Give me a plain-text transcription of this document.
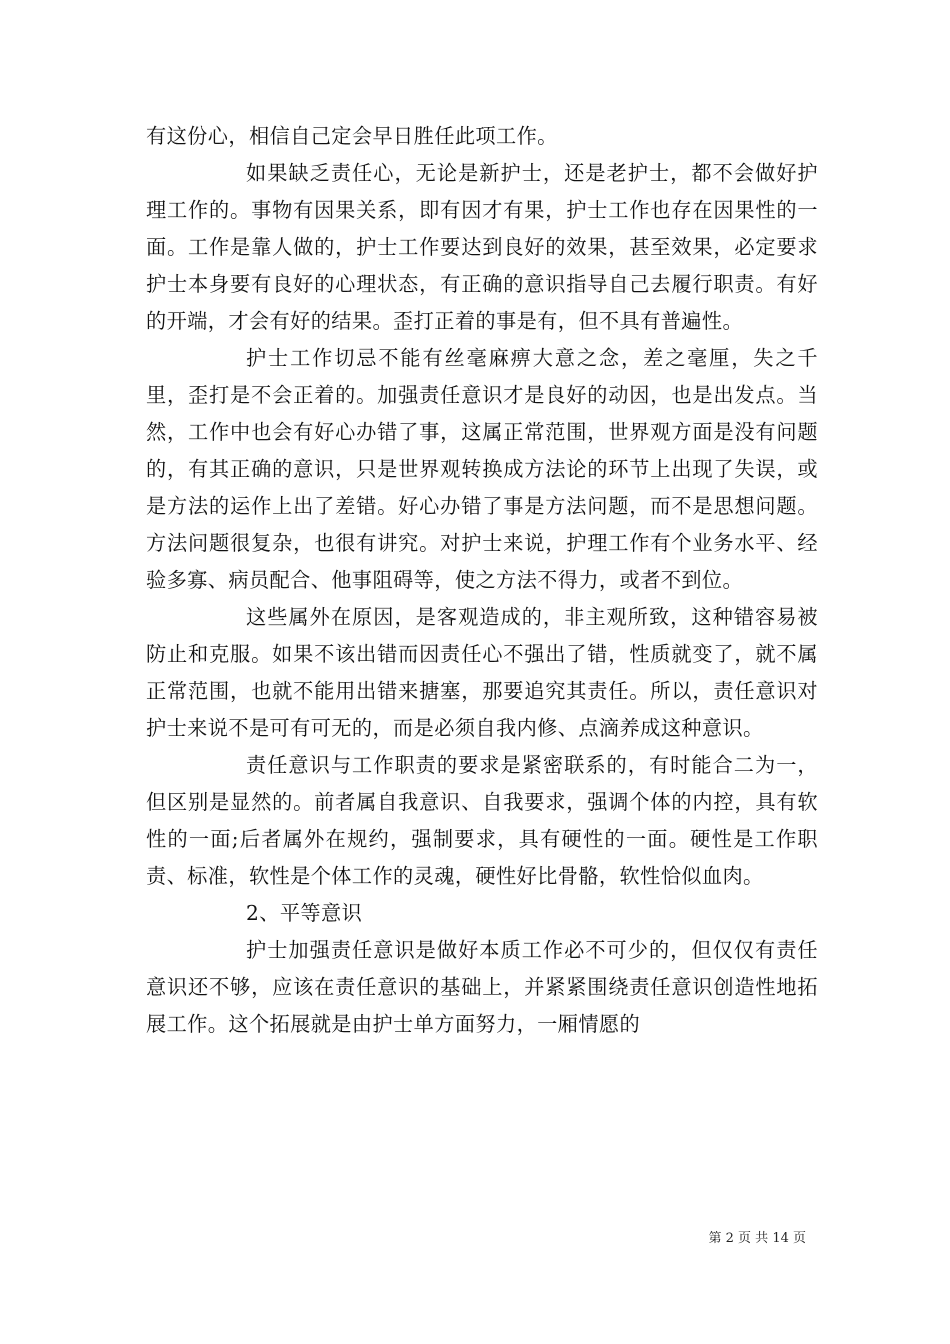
有这份心，相信自己定会早日胜任此项工作。

如果缺乏责任心，无论是新护士，还是老护士，都不会做好护理工作的。事物有因果关系，即有因才有果，护士工作也存在因果性的一面。工作是靠人做的，护士工作要达到良好的效果，甚至效果，必定要求护士本身要有良好的心理状态，有正确的意识指导自己去履行职责。有好的开端，才会有好的结果。歪打正着的事是有，但不具有普遍性。

护士工作切忌不能有丝毫麻痹大意之念，差之毫厘，失之千里，歪打是不会正着的。加强责任意识才是良好的动因，也是出发点。当然，工作中也会有好心办错了事，这属正常范围，世界观方面是没有问题的，有其正确的意识，只是世界观转换成方法论的环节上出现了失误，或是方法的运作上出了差错。好心办错了事是方法问题，而不是思想问题。方法问题很复杂，也很有讲究。对护士来说，护理工作有个业务水平、经验多寡、病员配合、他事阻碍等，使之方法不得力，或者不到位。

这些属外在原因，是客观造成的，非主观所致，这种错容易被防止和克服。如果不该出错而因责任心不强出了错，性质就变了，就不属正常范围，也就不能用出错来搪塞，那要追究其责任。所以，责任意识对护士来说不是可有可无的，而是必须自我内修、点滴养成这种意识。

责任意识与工作职责的要求是紧密联系的，有时能合二为一，但区别是显然的。前者属自我意识、自我要求，强调个体的内控，具有软性的一面;后者属外在规约，强制要求，具有硬性的一面。硬性是工作职责、标准，软性是个体工作的灵魂，硬性好比骨骼，软性恰似血肉。

2、平等意识

护士加强责任意识是做好本质工作必不可少的，但仅仅有责任意识还不够，应该在责任意识的基础上，并紧紧围绕责任意识创造性地拓展工作。这个拓展就是由护士单方面努力，一厢情愿的

第 2 页 共 14 页
